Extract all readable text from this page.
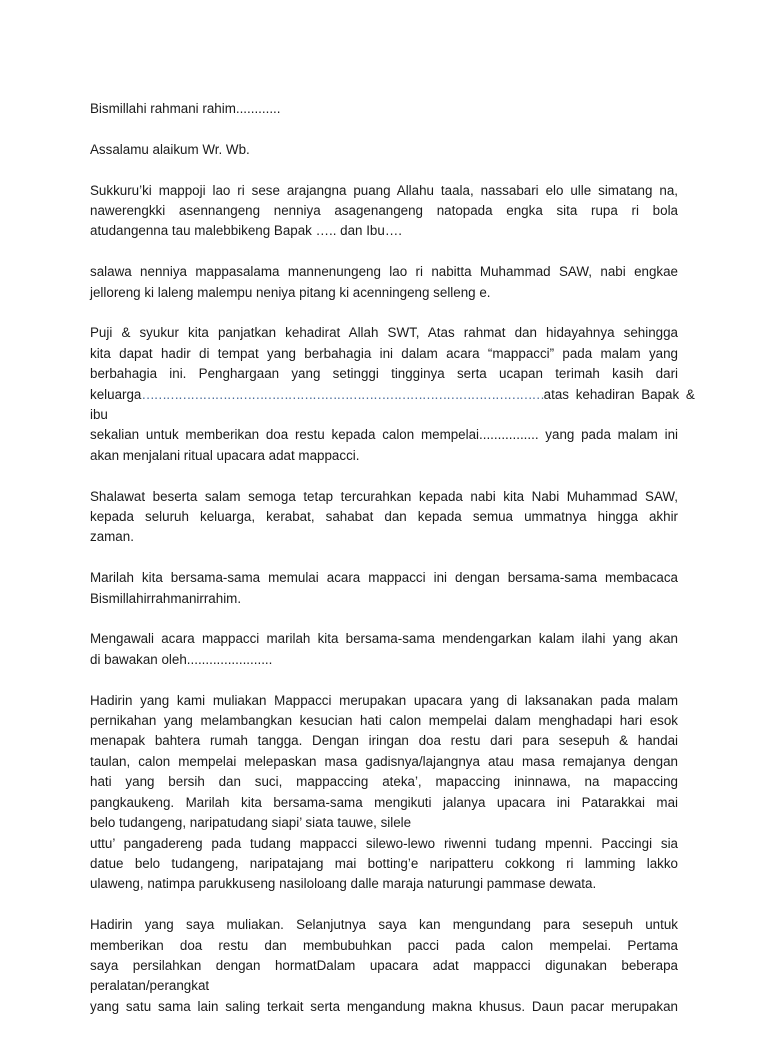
Bismillahi rahmani rahim............

Assalamu alaikum Wr. Wb.

Sukkuru’ki mappoji lao ri sese arajangna puang Allahu taala, nassabari elo ulle simatang na,
nawerengkki asennangeng nenniya asagenangeng natopada engka sita rupa ri bola
atudangenna tau malebbikeng Bapak ….. dan Ibu….

salawa nenniya mappasalama mannenungeng lao ri nabitta Muhammad SAW, nabi engkae
jelloreng ki laleng malempu neniya pitang ki acenningeng selleng e.

Puji & syukur kita panjatkan kehadirat Allah SWT, Atas rahmat dan hidayahnya sehingga
kita dapat hadir di tempat yang berbahagia ini dalam acara “mappacci” pada malam yang
berbahagia ini. Penghargaan yang setinggi tingginya serta ucapan terimah kasih dari
keluarga……………………………………………………………………………………… atas kehadiran Bapak &
ibu
sekalian untuk memberikan doa restu kepada calon mempelai................ yang pada malam ini
akan menjalani ritual upacara adat mappacci.

Shalawat beserta salam semoga tetap tercurahkan kepada nabi kita Nabi Muhammad SAW,
kepada seluruh keluarga, kerabat, sahabat dan kepada semua ummatnya hingga akhir
zaman.

Marilah kita bersama-sama memulai acara mappacci ini dengan bersama-sama membacaca
Bismillahirrahmanirrahim.

Mengawali acara mappacci marilah kita bersama-sama mendengarkan kalam ilahi yang akan
di bawakan oleh.......................

Hadirin yang kami muliakan Mappacci merupakan upacara yang di laksanakan pada malam
pernikahan yang melambangkan kesucian hati calon mempelai dalam menghadapi hari esok
menapak bahtera rumah tangga. Dengan iringan doa restu dari para sesepuh & handai
taulan, calon mempelai melepaskan masa gadisnya/lajangnya atau masa remajanya dengan
hati yang bersih dan suci, mappaccing ateka’, mapaccing ininnawa, na mapaccing
pangkaukeng. Marilah kita bersama-sama mengikuti jalanya upacara ini Patarakkai mai
belo tudangeng, naripatudang siapi’ siata tauwe, silele
uttu’ pangadereng pada tudang mappacci silewo-lewo riwenni tudang mpenni. Paccingi sia
datue belo tudangeng, naripatajang mai botting’e naripatteru cokkong ri lamming lakko
ulaweng, natimpa parukkuseng nasiloloang dalle maraja naturungi pammase dewata.

Hadirin yang saya muliakan. Selanjutnya saya kan mengundang para sesepuh untuk
memberikan doa restu dan membubuhkan pacci pada calon mempelai. Pertama
saya persilahkan dengan hormatDalam upacara adat mappacci digunakan beberapa
peralatan/perangkat
yang satu sama lain saling terkait serta mengandung makna khusus. Daun pacar merupakan
